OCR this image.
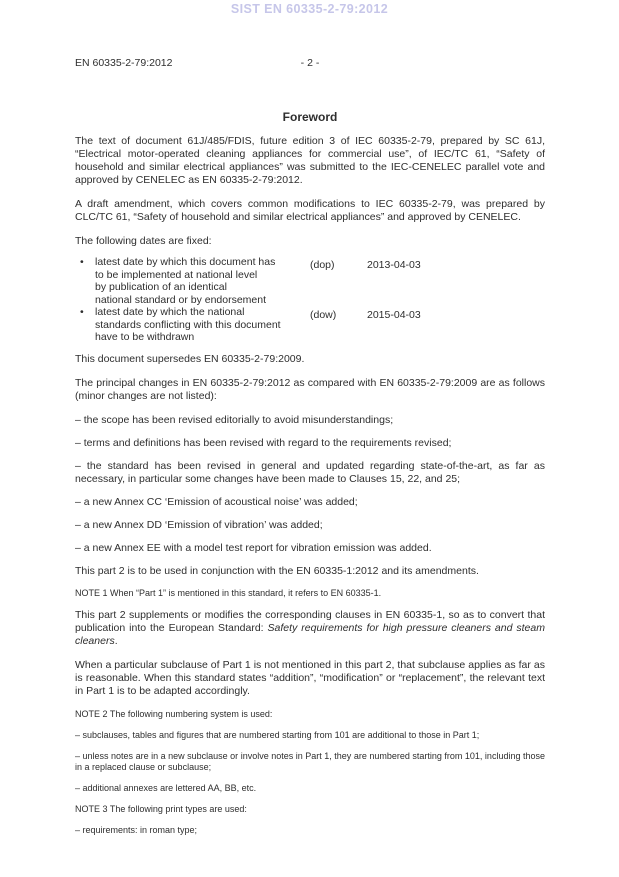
SIST EN 60335-2-79:2012
EN 60335-2-79:2012	- 2 -
Foreword

The text of document 61J/485/FDIS, future edition 3 of IEC 60335-2-79, prepared by SC 61J, “Electrical motor-operated cleaning appliances for commercial use”, of IEC/TC 61, “Safety of household and similar electrical appliances” was submitted to the IEC-CENELEC parallel vote and approved by CENELEC as EN 60335-2-79:2012.

A draft amendment, which covers common modifications to IEC 60335-2-79, was prepared by CLC/TC 61, “Safety of household and similar electrical appliances” and approved by CENELEC.

The following dates are fixed:

•	latest date by which this document has
to be implemented at national level
by publication of an identical
national standard or by endorsement
(dop)	2013-04-03
•	latest date by which the national
standards conflicting with this document
have to be withdrawn
(dow)	2015-04-03

This document supersedes EN 60335-2-79:2009.

The principal changes in EN 60335-2-79:2012 as compared with EN 60335-2-79:2009 are as follows (minor changes are not listed):

– the scope has been revised editorially to avoid misunderstandings;

– terms and definitions has been revised with regard to the requirements revised;

– the standard has been revised in general and updated regarding state-of-the-art, as far as necessary, in particular some changes have been made to Clauses 15, 22, and 25;

– a new Annex CC ‘Emission of acoustical noise’ was added;

– a new Annex DD ‘Emission of vibration’ was added;

– a new Annex EE with a model test report for vibration emission was added.

This part 2 is to be used in conjunction with the EN 60335-1:2012 and its amendments.

NOTE 1 When “Part 1” is mentioned in this standard, it refers to EN 60335-1.

This part 2 supplements or modifies the corresponding clauses in EN 60335-1, so as to convert that publication into the European Standard: Safety requirements for high pressure cleaners and steam cleaners.

When a particular subclause of Part 1 is not mentioned in this part 2, that subclause applies as far as is reasonable. When this standard states “addition”, “modification” or “replacement”, the relevant text in Part 1 is to be adapted accordingly.

NOTE 2 The following numbering system is used:

– subclauses, tables and figures that are numbered starting from 101 are additional to those in Part 1;

– unless notes are in a new subclause or involve notes in Part 1, they are numbered starting from 101, including those in a replaced clause or subclause;

– additional annexes are lettered AA, BB, etc.

NOTE 3 The following print types are used:

– requirements: in roman type;
